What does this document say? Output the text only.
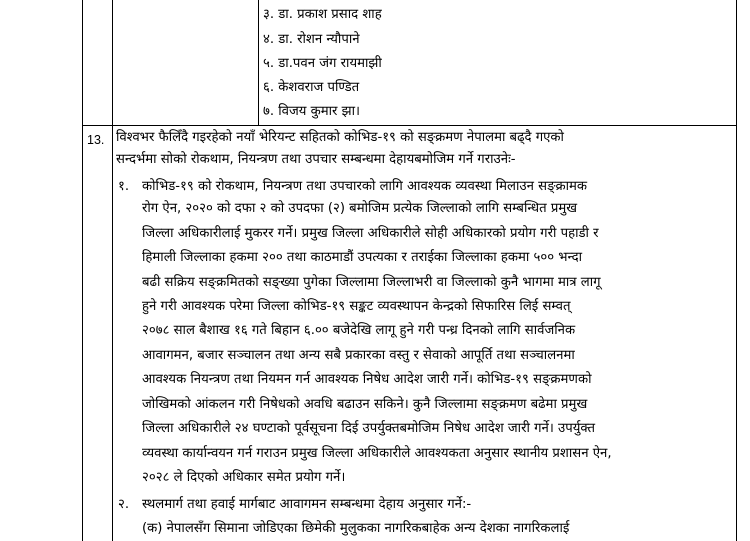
३. डा. प्रकाश प्रसाद शाह
४. डा. रोशन न्यौपाने
५. डा.पवन जंग रायमाझी
६. केशवराज पण्डित
७. विजय कुमार झा।
13. विश्वभर फैलिँदै गइरहेको नयाँ भेरियन्ट सहितको कोभिड-१९ को सङ्क्रमण नेपालमा बढ्दै गएको
सन्दर्भमा सोको रोकथाम, नियन्त्रण तथा उपचार सम्बन्धमा देहायबमोजिम गर्ने गराउनेः-
१. कोभिड-१९ को रोकथाम, नियन्त्रण तथा उपचारको लागि आवश्यक व्यवस्था मिलाउन सङ्क्रामक
रोग ऐन, २०२० को दफा २ को उपदफा (२) बमोजिम प्रत्येक जिल्लाको लागि सम्बन्धित प्रमुख
जिल्ला अधिकारीलाई मुकरर गर्ने। प्रमुख जिल्ला अधिकारीले सोही अधिकारको प्रयोग गरी पहाडी र
हिमाली जिल्लाका हकमा २०० तथा काठमाडौं उपत्यका र तराईका जिल्लाका हकमा ५०० भन्दा
बढी सक्रिय सङ्क्रमितको सङ्ख्या पुगेका जिल्लामा जिल्लाभरी वा जिल्लाको कुनै भागमा मात्र लागू
हुने गरी आवश्यक परेमा जिल्ला कोभिड-१९ सङ्कट व्यवस्थापन केन्द्रको सिफारिस लिई सम्वत्
२०७८ साल बैशाख १६ गते बिहान ६.०० बजेदेखि लागू हुने गरी पन्ध्र दिनको लागि सार्वजनिक
आवागमन, बजार सञ्चालन तथा अन्य सबै प्रकारका वस्तु र सेवाको आपूर्ति तथा सञ्चालनमा
आवश्यक नियन्त्रण तथा नियमन गर्न आवश्यक निषेध आदेश जारी गर्ने। कोभिड-१९ सङ्क्रमणको
जोखिमको आंकलन गरी निषेधको अवधि बढाउन सकिने। कुनै जिल्लामा सङ्क्रमण बढेमा प्रमुख
जिल्ला अधिकारीले २४ घण्टाको पूर्वसूचना दिई उपर्युक्तबमोजिम निषेध आदेश जारी गर्ने। उपर्युक्त
व्यवस्था कार्यान्वयन गर्न गराउन प्रमुख जिल्ला अधिकारीले आवश्यकता अनुसार स्थानीय प्रशासन ऐन,
२०२८ ले दिएको अधिकार समेत प्रयोग गर्ने।
२. स्थलमार्ग तथा हवाई मार्गबाट आवागमन सम्बन्धमा देहाय अनुसार गर्ने:-
(क) नेपालसँग सिमाना जोडिएका छिमेकी मुलुकका नागरिकबाहेक अन्य देशका नागरिकलाई
